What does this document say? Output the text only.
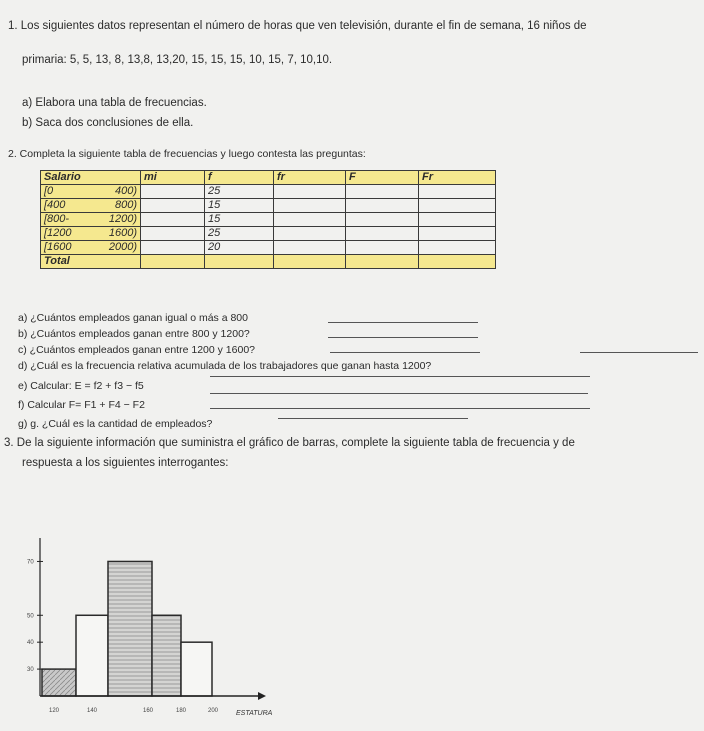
1. Los siguientes datos representan el número de horas que ven televisión, durante el fin de semana, 16 niños de
primaria: 5, 5, 13, 8, 13,8, 13,20, 15, 15, 15, 10, 15, 7, 10,10.
a) Elabora una tabla de frecuencias.
b) Saca dos conclusiones de ella.
2. Completa la siguiente tabla de frecuencias y luego contesta las preguntas:
Salario	mi	f	fr	F	Fr

[0 400)		25			

[400 800)		15			

[800- 1200)		15			

[1200 1600)		25			

[1600 2000)		20			
Total					
a) ¿Cuántos empleados ganan igual o más a 800
b) ¿Cuántos empleados ganan entre 800 y 1200?
c) ¿Cuántos empleados ganan entre 1200 y 1600?
d) ¿Cuál es la frecuencia relativa acumulada de los trabajadores que ganan hasta 1200?
e) Calcular: E = f2 + f3 − f5
f) Calcular F= F1 + F4 − F2
g) g. ¿Cuál es la cantidad de empleados?
3. De la siguiente información que suministra el gráfico de barras, complete la siguiente tabla de frecuencia y de
respuesta a los siguientes interrogantes:
30
40
50
70
120	140	160	180	200	ESTATURA
